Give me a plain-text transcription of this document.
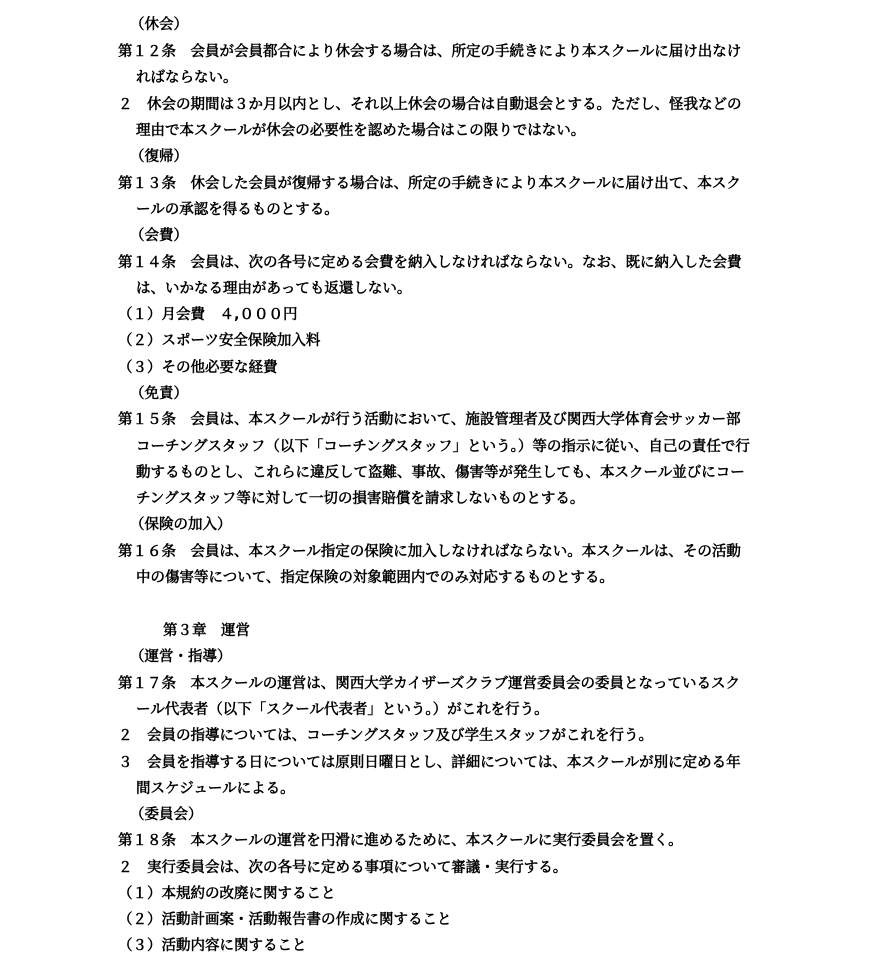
（休会）
第１２条　会員が会員都合により休会する場合は、所定の手続きにより本スクールに届け出なけ
ればならない。
２　休会の期間は３か月以内とし、それ以上休会の場合は自動退会とする。ただし、怪我などの
理由で本スクールが休会の必要性を認めた場合はこの限りではない。
（復帰）
第１３条　休会した会員が復帰する場合は、所定の手続きにより本スクールに届け出て、本スク
ールの承認を得るものとする。
（会費）
第１４条　会員は、次の各号に定める会費を納入しなければならない。なお、既に納入した会費
は、いかなる理由があっても返還しない。
（１）月会費　４,０００円
（２）スポーツ安全保険加入料
（３）その他必要な経費
（免責）
第１５条　会員は、本スクールが行う活動において、施設管理者及び関西大学体育会サッカー部
コーチングスタッフ（以下「コーチングスタッフ」という。）等の指示に従い、自己の責任で行
動するものとし、これらに違反して盗難、事故、傷害等が発生しても、本スクール並びにコー
チングスタッフ等に対して一切の損害賠償を請求しないものとする。
（保険の加入）
第１６条　会員は、本スクール指定の保険に加入しなければならない。本スクールは、その活動
中の傷害等について、指定保険の対象範囲内でのみ対応するものとする。
第３章　運営
（運営・指導）
第１７条　本スクールの運営は、関西大学カイザーズクラブ運営委員会の委員となっているスク
ール代表者（以下「スクール代表者」という。）がこれを行う。
２　会員の指導については、コーチングスタッフ及び学生スタッフがこれを行う。
３　会員を指導する日については原則日曜日とし、詳細については、本スクールが別に定める年
間スケジュールによる。
（委員会）
第１８条　本スクールの運営を円滑に進めるために、本スクールに実行委員会を置く。
２　実行委員会は、次の各号に定める事項について審議・実行する。
（１）本規約の改廃に関すること
（２）活動計画案・活動報告書の作成に関すること
（３）活動内容に関すること
